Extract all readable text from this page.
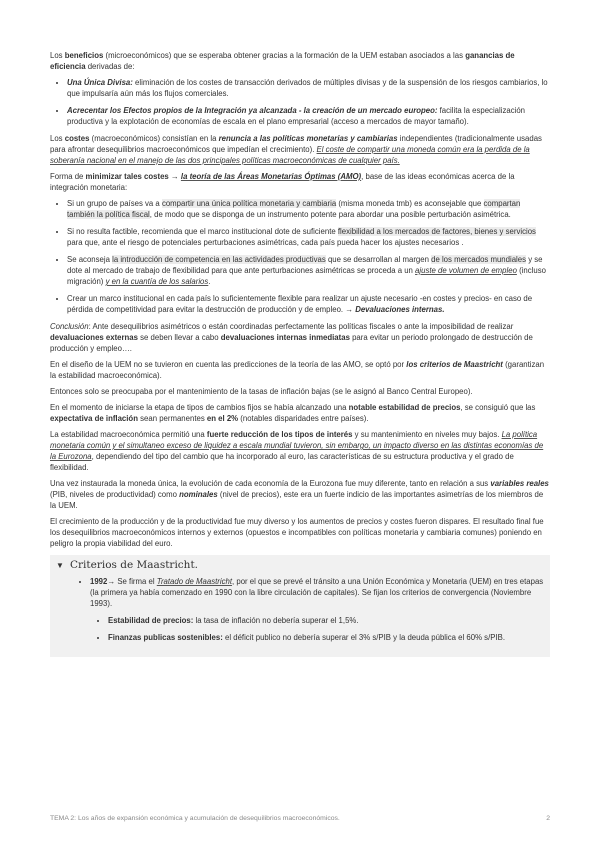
Los beneficios (microeconómicos) que se esperaba obtener gracias a la formación de la UEM estaban asociados a las ganancias de eficiencia derivadas de:

• Una Única Divisa: eliminación de los costes de transacción derivados de múltiples divisas y de la suspensión de los riesgos cambiarios, lo que impulsaría aún más los flujos comerciales.
• Acrecentar los Efectos propios de la Integración ya alcanzada - la creación de un mercado europeo: facilita la especialización productiva y la explotación de economías de escala en el plano empresarial (acceso a mercados de mayor tamaño).

Los costes (macroeconómicos) consistían en la renuncia a las políticas monetarias y cambiarias independientes (tradicionalmente usadas para afrontar desequilibrios macroeconómicos que impedían el crecimiento). El coste de compartir una moneda común era la perdida de la soberanía nacional en el manejo de las dos principales políticas macroeconómicas de cualquier país.

Forma de minimizar tales costes → la teoría de las Áreas Monetarias Óptimas (AMO), base de las ideas económicas acerca de la integración monetaria:

• Si un grupo de países va a compartir una única política monetaria y cambiaria (misma moneda tmb) es aconsejable que compartan también la política fiscal, de modo que se disponga de un instrumento potente para abordar una posible perturbación asimétrica.
• Si no resulta factible, recomienda que el marco institucional dote de suficiente flexibilidad a los mercados de factores, bienes y servicios para que, ante el riesgo de potenciales perturbaciones asimétricas, cada país pueda hacer los ajustes necesarios .
• Se aconseja la introducción de competencia en las actividades productivas que se desarrollan al margen de los mercados mundiales y se dote al mercado de trabajo de flexibilidad para que ante perturbaciones asimétricas se proceda a un ajuste de volumen de empleo (incluso migración) y en la cuantía de los salarios.
• Crear un marco institucional en cada país lo suficientemente flexible para realizar un ajuste necesario -en costes y precios- en caso de pérdida de competitividad para evitar la destrucción de producción y de empleo. → Devaluaciones internas.

Conclusión: Ante desequilibrios asimétricos o están coordinadas perfectamente las políticas fiscales o ante la imposibilidad de realizar devaluaciones externas se deben llevar a cabo devaluaciones internas inmediatas para evitar un periodo prolongado de destrucción de producción y empleo….

En el diseño de la UEM no se tuvieron en cuenta las predicciones de la teoría de las AMO, se optó por los criterios de Maastricht (garantizan la estabilidad macroeconómica).

Entonces solo se preocupaba por el mantenimiento de la tasas de inflación bajas (se le asignó al Banco Central Europeo).

En el momento de iniciarse la etapa de tipos de cambios fijos se había alcanzado una notable estabilidad de precios, se consiguió que las expectativa de inflación sean permanentes en el 2% (notables disparidades entre países).

La estabilidad macroeconómica permitió una fuerte reducción de los tipos de interés y su mantenimiento en niveles muy bajos. La política monetaria común y el simultaneo exceso de liquidez a escala mundial tuvieron, sin embargo, un impacto diverso en las distintas economías de la Eurozona, dependiendo del tipo del cambio que ha incorporado al euro, las características de su estructura productiva y el grado de flexibilidad.

Una vez instaurada la moneda única, la evolución de cada economía de la Eurozona fue muy diferente, tanto en relación a sus variables reales (PIB, niveles de productividad) como nominales (nivel de precios), este era un fuerte indicio de las importantes asimetrías de los miembros de la UEM.

El crecimiento de la producción y de la productividad fue muy diverso y los aumentos de precios y costes fueron dispares. El resultado final fue los desequilibrios macroeconómicos internos y externos (opuestos e incompatibles con políticas monetaria y cambiaria comunes) poniendo en peligro la propia viabilidad del euro.

▼ Criterios de Maastricht.
• 1992→ Se firma el Tratado de Maastricht, por el que se prevé el tránsito a una Unión Económica y Monetaria (UEM) en tres etapas (la primera ya había comenzado en 1990 con la libre circulación de capitales). Se fijan los criterios de convergencia (Noviembre 1993).
• Estabilidad de precios: la tasa de inflación no debería superar el 1,5%.
• Finanzas publicas sostenibles: el déficit publico no debería superar el 3% s/PIB y la deuda pública el 60% s/PIB.
TEMA 2: Los años de expansión económica y acumulación de desequilibrios macroeconómicos.	2
